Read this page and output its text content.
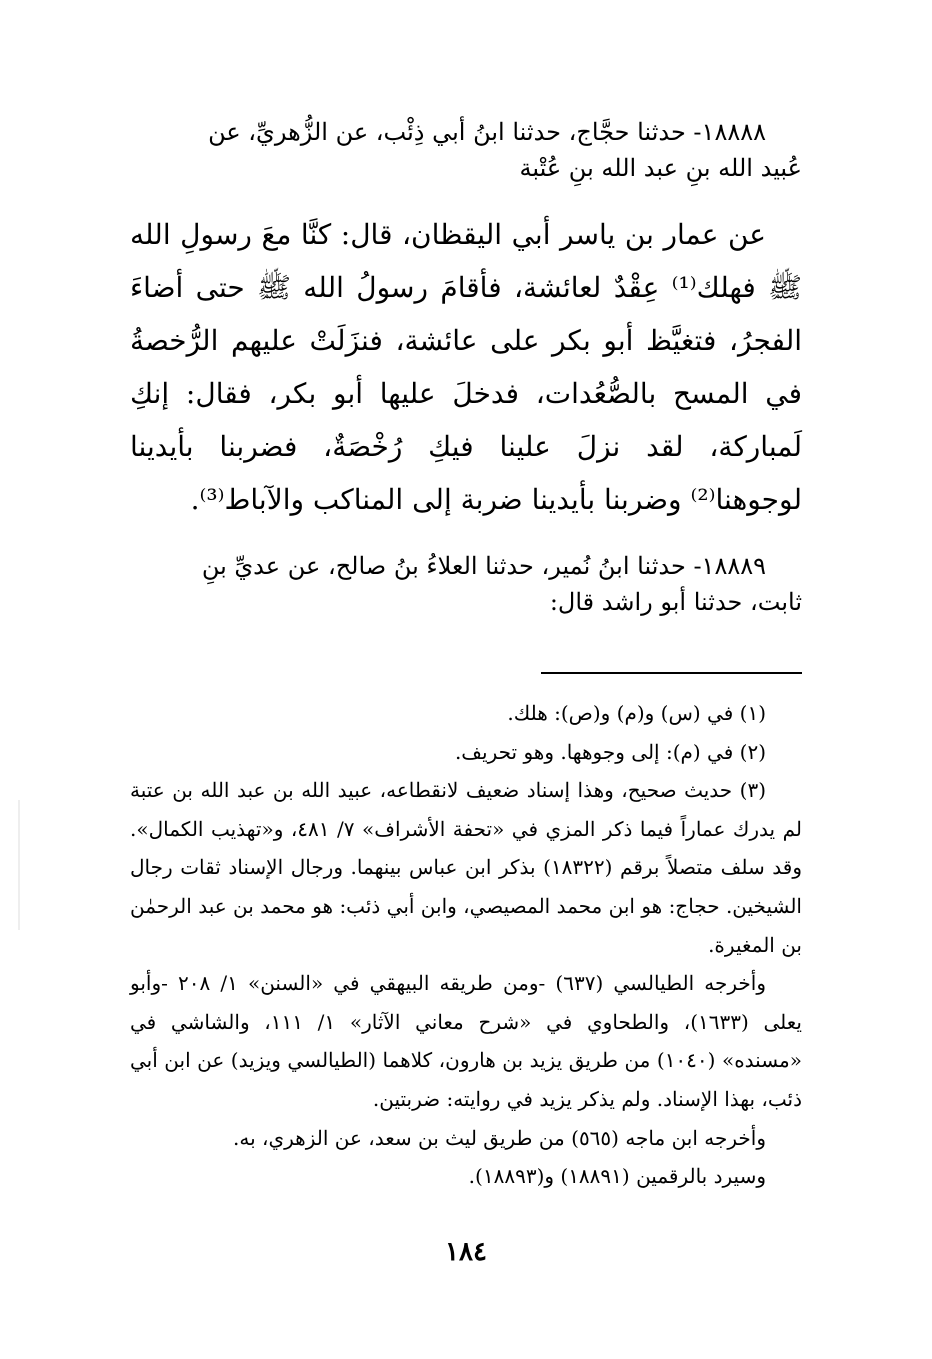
١٨٨٨٨- حدثنا حجَّاج، حدثنا ابنُ أبي ذِئْب، عن الزُّهريِّ، عن

عُبيد الله بنِ عبد الله بنِ عُتْبة

عن عمار بن ياسر أبي اليقظان، قال: كنَّا معَ رسولِ الله ﷺ فهلك⁽¹⁾ عِقْدٌ لعائشة، فأقامَ رسولُ الله ﷺ حتى أضاءَ الفجرُ، فتغيَّظ أبو بكر على عائشة، فنزَلَتْ عليهم الرُّخصةُ في المسح بالصُّعُدات، فدخلَ عليها أبو بكر، فقال: إنكِ لَمباركة، لقد نزلَ علينا فيكِ رُخْصَةٌ، فضربنا بأيدينا لوجوهنا⁽²⁾ وضربنا بأيدينا ضربة إلى المناكب والآباط⁽³⁾.

١٨٨٨٩- حدثنا ابنُ نُمير، حدثنا العلاءُ بنُ صالح، عن عديِّ بنِ

ثابت، حدثنا أبو راشد قال:

(١) في (س) و(م) و(ص): هلك.

(٢) في (م): إلى وجوهها. وهو تحريف.

(٣) حديث صحيح، وهذا إسناد ضعيف لانقطاعه، عبيد الله بن عبد الله بن عتبة لم يدرك عماراً فيما ذكر المزي في «تحفة الأشراف» ٧/ ٤٨١، و«تهذيب الكمال». وقد سلف متصلاً برقم (١٨٣٢٢) بذكر ابن عباس بينهما. ورجال الإسناد ثقات رجال الشيخين. حجاج: هو ابن محمد المصيصي، وابن أبي ذئب: هو محمد بن عبد الرحمٰن بن المغيرة.

وأخرجه الطيالسي (٦٣٧) -ومن طريقه البيهقي في «السنن» ١/ ٢٠٨ -وأبو يعلى (١٦٣٣)، والطحاوي في «شرح معاني الآثار» ١/ ١١١، والشاشي في «مسنده» (١٠٤٠) من طريق يزيد بن هارون، كلاهما (الطيالسي ويزيد) عن ابن أبي ذئب، بهذا الإسناد. ولم يذكر يزيد في روايته: ضربتين.

وأخرجه ابن ماجه (٥٦٥) من طريق ليث بن سعد، عن الزهري، به.

وسيرد بالرقمين (١٨٨٩١) و(١٨٨٩٣).

١٨٤
